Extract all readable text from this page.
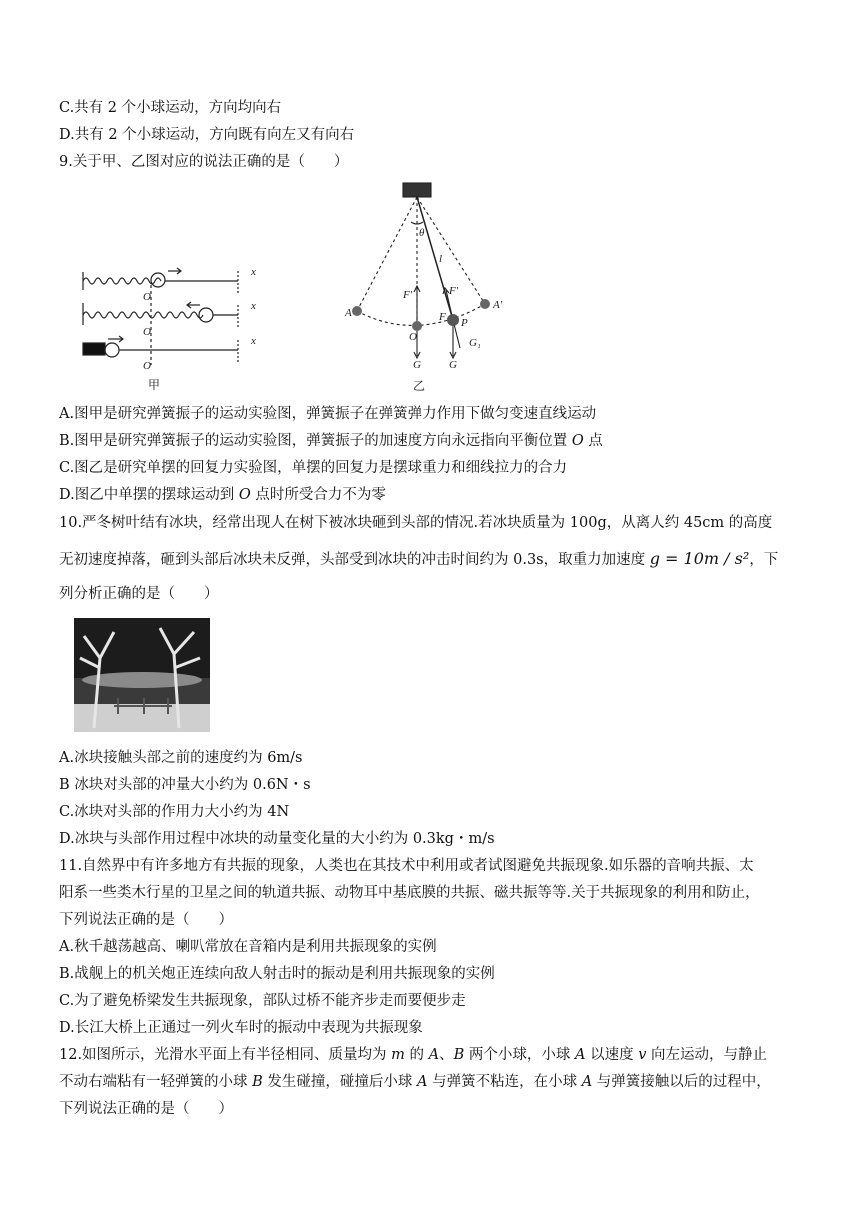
C.共有 2 个小球运动，方向均向右
D.共有 2 个小球运动，方向既有向左又有向右
9.关于甲、乙图对应的说法正确的是（　　）
x
x
x
O
O
O
甲
θ
l
A
A'
F'	F'
F P
O
G	G
G₁
乙
A.图甲是研究弹簧振子的运动实验图，弹簧振子在弹簧弹力作用下做匀变速直线运动
B.图甲是研究弹簧振子的运动实验图，弹簧振子的加速度方向永远指向平衡位置 O 点
C.图乙是研究单摆的回复力实验图，单摆的回复力是摆球重力和细线拉力的合力
D.图乙中单摆的摆球运动到 O 点时所受合力不为零
10.严冬树叶结有冰块，经常出现人在树下被冰块砸到头部的情况.若冰块质量为 100g，从离人约 45cm 的高度
无初速度掉落，砸到头部后冰块未反弹，头部受到冰块的冲击时间约为 0.3s，取重力加速度 g = 10m / s²，下
列分析正确的是（　　）
A.冰块接触头部之前的速度约为 6m/s
B 冰块对头部的冲量大小约为 0.6N・s
C.冰块对头部的作用力大小约为 4N
D.冰块与头部作用过程中冰块的动量变化量的大小约为 0.3kg・m/s
11.自然界中有许多地方有共振的现象，人类也在其技术中利用或者试图避免共振现象.如乐器的音响共振、太
阳系一些类木行星的卫星之间的轨道共振、动物耳中基底膜的共振、磁共振等等.关于共振现象的利用和防止，
下列说法正确的是（　　）
A.秋千越荡越高、喇叭常放在音箱内是利用共振现象的实例
B.战舰上的机关炮正连续向敌人射击时的振动是利用共振现象的实例
C.为了避免桥梁发生共振现象，部队过桥不能齐步走而要便步走
D.长江大桥上正通过一列火车时的振动中表现为共振现象
12.如图所示，光滑水平面上有半径相同、质量均为 m 的 A、B 两个小球，小球 A 以速度 v 向左运动，与静止
不动右端粘有一轻弹簧的小球 B 发生碰撞，碰撞后小球 A 与弹簧不粘连，在小球 A 与弹簧接触以后的过程中，
下列说法正确的是（　　）
